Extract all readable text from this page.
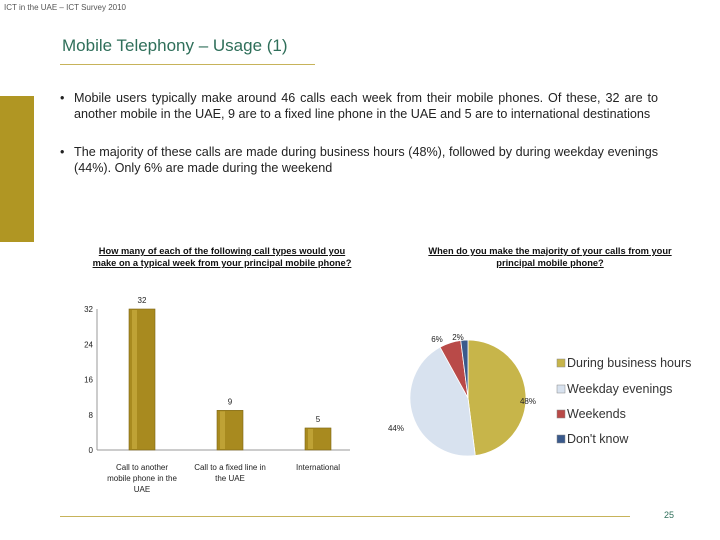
ICT in the UAE – ICT Survey 2010
Mobile Telephony – Usage (1)
• Mobile users typically make around 46 calls each week from their mobile phones. Of these, 32 are to another mobile in the UAE, 9 are to a fixed line phone in the UAE and 5 are to international destinations
• The majority of these calls are made during business hours (48%), followed by during weekday evenings (44%). Only 6% are made during the weekend
How many of each of the following call types would you make on a typical week from your principal mobile phone?
When do you make the majority of your calls from your principal mobile phone?
32
24
16
8
0
32
Call to another
mobile phone in the
UAE
9
Call to a fixed line in
the UAE
5
International
48%
44%
6% 2%
During business hours
Weekday evenings
Weekends
Don't know
25
